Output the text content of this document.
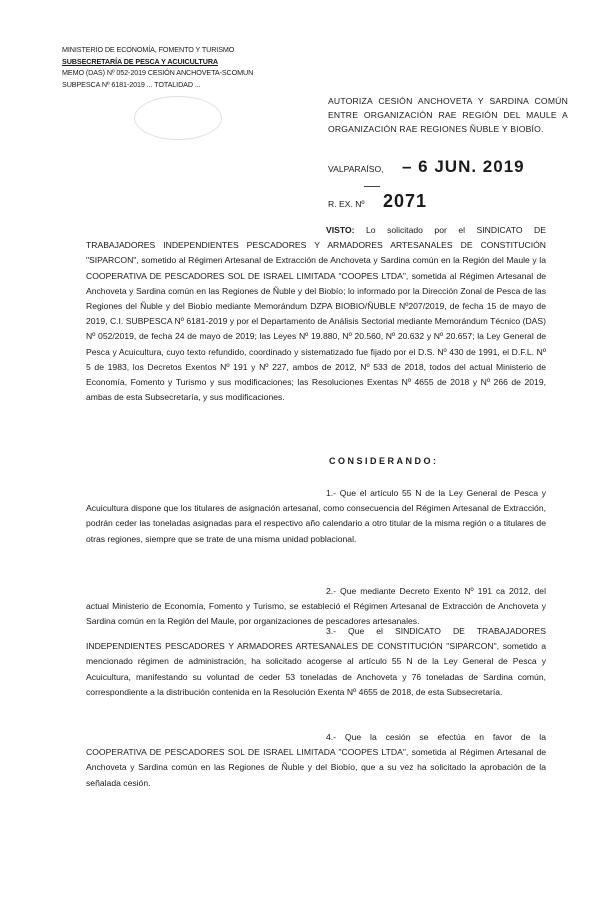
MINISTERIO DE ECONOMÍA, FOMENTO Y TURISMO
SUBSECRETARÍA DE PESCA Y ACUICULTURA
MEMO (DAS) Nº 052-2019 CESIÓN ANCHOVETA-SCOMUN
SUBPESCA Nº 6181-2019 ... TOTALIDAD ...
AUTORIZA CESIÓN ANCHOVETA Y SARDINA COMÚN ENTRE ORGANIZACIÓN RAE REGIÓN DEL MAULE A ORGANIZACIÓN RAE REGIONES ÑUBLE Y BIOBÍO.
VALPARAÍSO, – 6 JUN. 2019
R. EX. Nº 2071
VISTO: Lo solicitado por el SINDICATO DE TRABAJADORES INDEPENDIENTES PESCADORES Y ARMADORES ARTESANALES DE CONSTITUCIÓN "SIPARCON", sometido al Régimen Artesanal de Extracción de Anchoveta y Sardina común en la Región del Maule y la COOPERATIVA DE PESCADORES SOL DE ISRAEL LIMITADA "COOPES LTDA", sometida al Régimen Artesanal de Anchoveta y Sardina común en las Regiones de Ñuble y del Biobío; lo informado por la Dirección Zonal de Pesca de las Regiones del Ñuble y del Biobío mediante Memorándum DZPA BIOBIO/ÑUBLE Nº207/2019, de fecha 15 de mayo de 2019, C.I. SUBPESCA Nº 6181-2019 y por el Departamento de Análisis Sectorial mediante Memorándum Técnico (DAS) Nº 052/2019, de fecha 24 de mayo de 2019; las Leyes Nº 19.880, Nº 20.560, Nº 20.632 y Nº 20.657; la Ley General de Pesca y Acuicultura, cuyo texto refundido, coordinado y sistematizado fue fijado por el D.S. Nº 430 de 1991, el D.F.L. Nº 5 de 1983, los Decretos Exentos Nº 191 y Nº 227, ambos de 2012, Nº 533 de 2018, todos del actual Ministerio de Economía, Fomento y Turismo y sus modificaciones; las Resoluciones Exentas Nº 4655 de 2018 y Nº 266 de 2019, ambas de esta Subsecretaría, y sus modificaciones.
CONSIDERANDO:
1.- Que el artículo 55 N de la Ley General de Pesca y Acuicultura dispone que los titulares de asignación artesanal, como consecuencia del Régimen Artesanal de Extracción, podrán ceder las toneladas asignadas para el respectivo año calendario a otro titular de la misma región o a titulares de otras regiones, siempre que se trate de una misma unidad poblacional.
2.- Que mediante Decreto Exento Nº 191 ca 2012, del actual Ministerio de Economía, Fomento y Turismo, se estableció el Régimen Artesanal de Extracción de Anchoveta y Sardina común en la Región del Maule, por organizaciones de pescadores artesanales.
3.- Que el SINDICATO DE TRABAJADORES INDEPENDIENTES PESCADORES Y ARMADORES ARTESANALES DE CONSTITUCIÓN "SIPARCON", sometido a mencionado régimen de administración, ha solicitado acogerse al artículo 55 N de la Ley General de Pesca y Acuicultura, manifestando su voluntad de ceder 53 toneladas de Anchoveta y 76 toneladas de Sardina común, correspondiente a la distribución contenida en la Resolución Exenta Nº 4655 de 2018, de esta Subsecretaría.
4.- Que la cesión se efectúa en favor de la COOPERATIVA DE PESCADORES SOL DE ISRAEL LIMITADA "COOPES LTDA", sometida al Régimen Artesanal de Anchoveta y Sardina común en las Regiones de Ñuble y del Biobío, que a su vez ha solicitado la aprobación de la señalada cesión.
